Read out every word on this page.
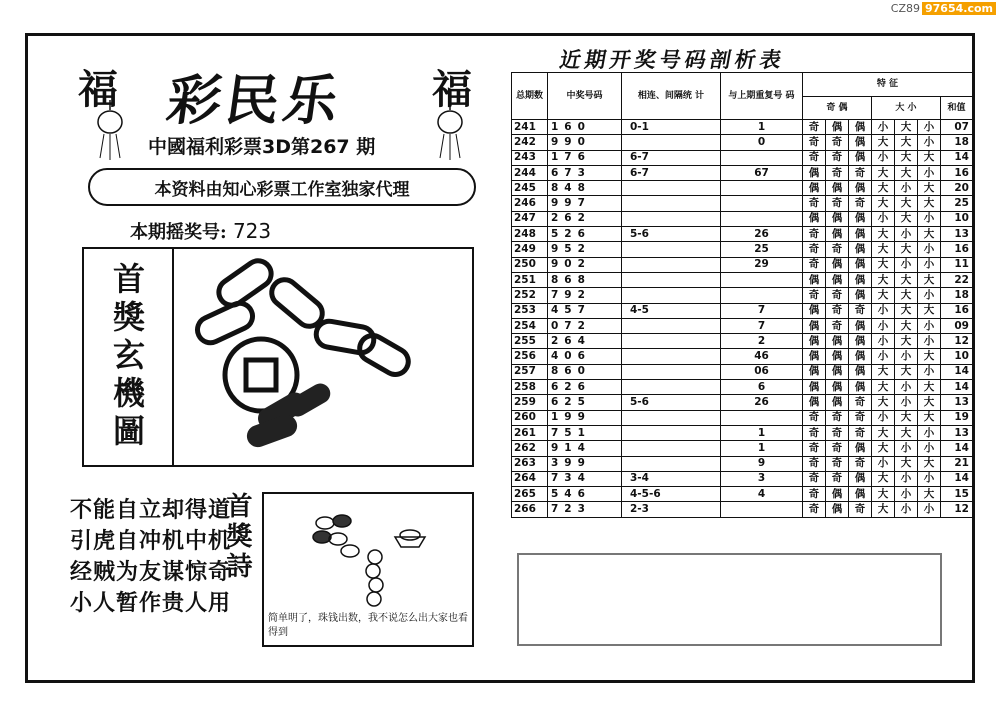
CZ89 97654.com
福	福
彩民乐
中國福利彩票3D第267 期
本资料由知心彩票工作室独家代理
本期摇奖号: 723
首獎玄機圖
不能自立却得道
引虎自冲机中机
经贼为友谋惊奇
小人暂作贵人用
首獎詩
简单明了，珠钱出数，我不说怎么出大家也看得到
近期开奖号码剖析表
总期数	中奖号码	相连、间隔统 计	与上期重复号 码	特 征						
				奇 偶			大 小			和值
241	160	0-1	1	奇	偶	偶	小	大	小	07
242	990		0	奇	奇	偶	大	大	小	18
243	176	6-7		奇	奇	偶	小	大	大	14
244	673	6-7	67	偶	奇	奇	大	大	小	16
245	848			偶	偶	偶	大	小	大	20
246	997			奇	奇	奇	大	大	大	25
247	262			偶	偶	偶	小	大	小	10
248	526	5-6	26	奇	偶	偶	大	小	大	13
249	952		25	奇	奇	偶	大	大	小	16
250	902		29	奇	偶	偶	大	小	小	11
251	868			偶	偶	偶	大	大	大	22
252	792			奇	奇	偶	大	大	小	18
253	457	4-5	7	偶	奇	奇	小	大	大	16
254	072		7	偶	奇	偶	小	大	小	09
255	264		2	偶	偶	偶	小	大	小	12
256	406		46	偶	偶	偶	小	小	大	10
257	860		06	偶	偶	偶	大	大	小	14
258	626		6	偶	偶	偶	大	小	大	14
259	625	5-6	26	偶	偶	奇	大	小	大	13
260	199			奇	奇	奇	小	大	大	19
261	751		1	奇	奇	奇	大	大	小	13
262	914		1	奇	奇	偶	大	小	小	14
263	399		9	奇	奇	奇	小	大	大	21
264	734	3-4	3	奇	奇	偶	大	小	小	14
265	546	4-5-6	4	奇	偶	偶	大	小	大	15
266	723	2-3		奇	偶	奇	大	小	小	12
